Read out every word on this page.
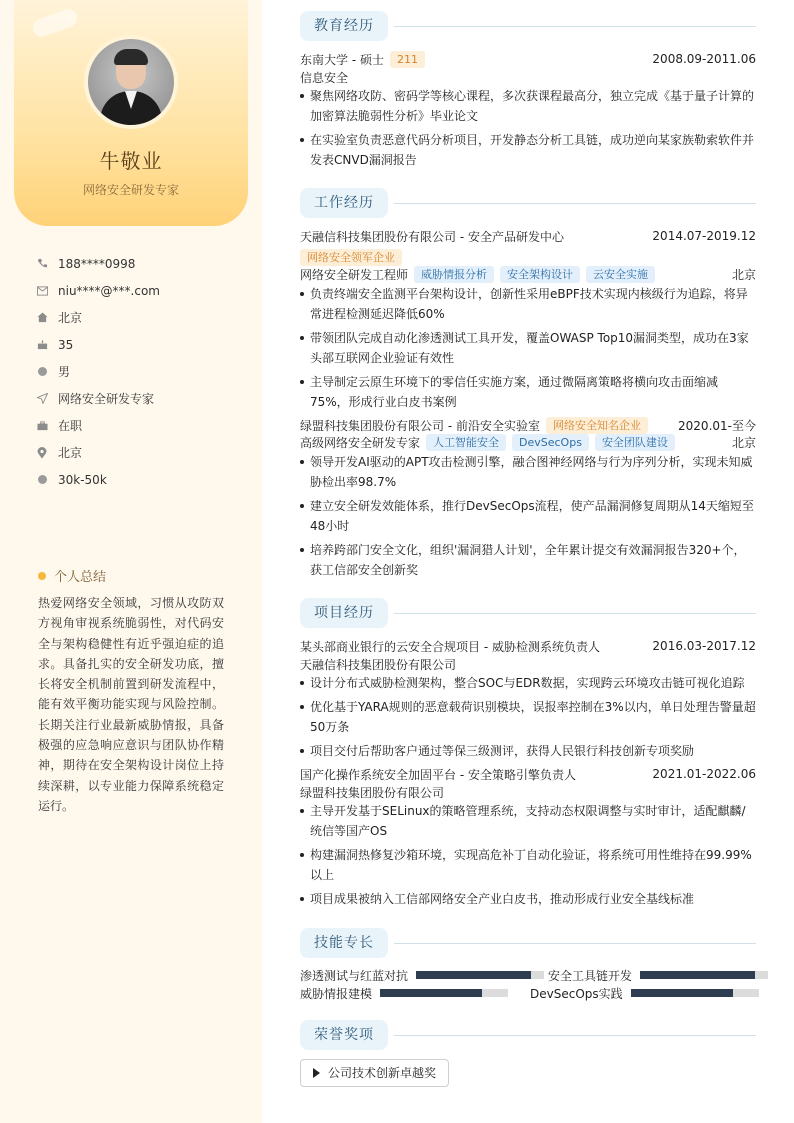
牛敬业
网络安全研发专家
188****0998
niu****@***.com
北京
35
男
网络安全研发专家
在职
北京
30k-50k
个人总结
热爱网络安全领域，习惯从攻防双方视角审视系统脆弱性，对代码安全与架构稳健性有近乎强迫症的追求。具备扎实的安全研发功底，擅长将安全机制前置到研发流程中，能有效平衡功能实现与风险控制。长期关注行业最新威胁情报，具备极强的应急响应意识与团队协作精神，期待在安全架构设计岗位上持续深耕，以专业能力保障系统稳定运行。
教育经历
东南大学 - 硕士	211	2008.09-2011.06
信息安全
聚焦网络攻防、密码学等核心课程，多次获课程最高分，独立完成《基于量子计算的加密算法脆弱性分析》毕业论文
在实验室负责恶意代码分析项目，开发静态分析工具链，成功逆向某家族勒索软件并发表CNVD漏洞报告
工作经历
天融信科技集团股份有限公司 - 安全产品研发中心	2014.07-2019.12
网络安全领军企业
网络安全研发工程师	威胁情报分析	安全架构设计	云安全实施	北京
负责终端安全监测平台架构设计，创新性采用eBPF技术实现内核级行为追踪，将异常进程检测延迟降低60%
带领团队完成自动化渗透测试工具开发，覆盖OWASP Top10漏洞类型，成功在3家头部互联网企业验证有效性
主导制定云原生环境下的零信任实施方案，通过微隔离策略将横向攻击面缩减75%，形成行业白皮书案例
绿盟科技集团股份有限公司 - 前沿安全实验室	网络安全知名企业	2020.01-至今
高级网络安全研发专家	人工智能安全	DevSecOps	安全团队建设	北京
领导开发AI驱动的APT攻击检测引擎，融合图神经网络与行为序列分析，实现未知威胁检出率98.7%
建立安全研发效能体系，推行DevSecOps流程，使产品漏洞修复周期从14天缩短至48小时
培养跨部门安全文化，组织'漏洞猎人计划'，全年累计提交有效漏洞报告320+个，获工信部安全创新奖
项目经历
某头部商业银行的云安全合规项目 - 威胁检测系统负责人	2016.03-2017.12
天融信科技集团股份有限公司
设计分布式威胁检测架构，整合SOC与EDR数据，实现跨云环境攻击链可视化追踪
优化基于YARA规则的恶意载荷识别模块，误报率控制在3%以内，单日处理告警量超50万条
项目交付后帮助客户通过等保三级测评，获得人民银行科技创新专项奖励
国产化操作系统安全加固平台 - 安全策略引擎负责人	2021.01-2022.06
绿盟科技集团股份有限公司
主导开发基于SELinux的策略管理系统，支持动态权限调整与实时审计，适配麒麟/统信等国产OS
构建漏洞热修复沙箱环境，实现高危补丁自动化验证，将系统可用性维持在99.99%以上
项目成果被纳入工信部网络安全产业白皮书，推动形成行业安全基线标准
技能专长
渗透测试与红蓝对抗	安全工具链开发
威胁情报建模	DevSecOps实践
荣誉奖项
公司技术创新卓越奖
